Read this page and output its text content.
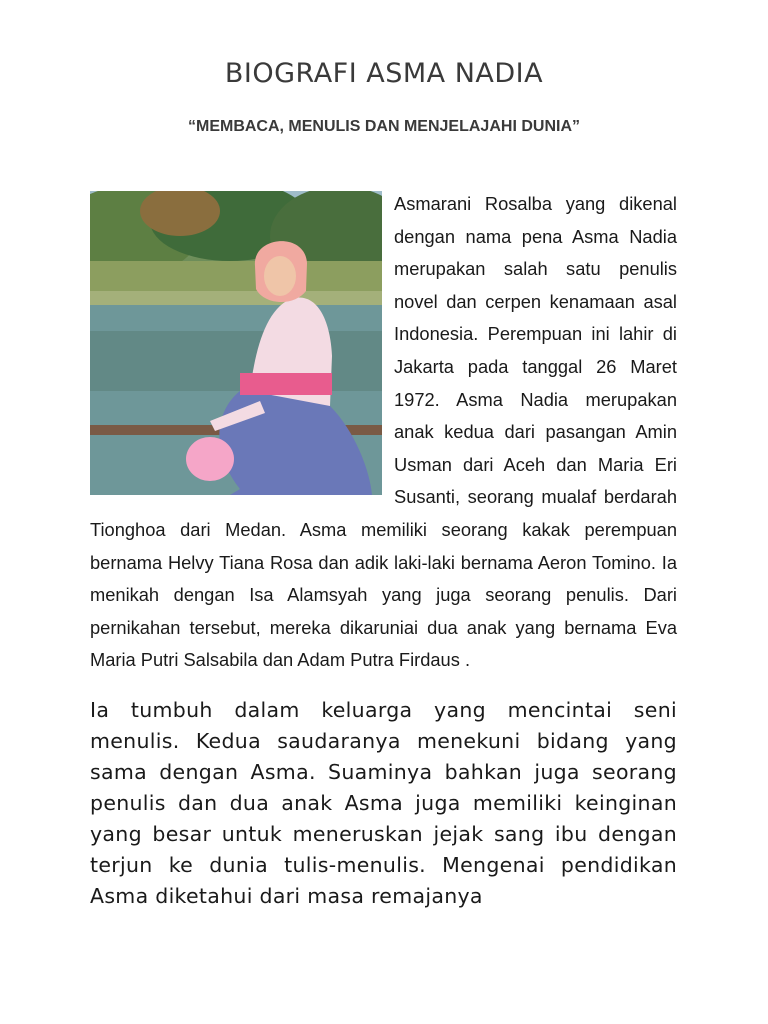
BIOGRAFI ASMA NADIA

“MEMBACA, MENULIS DAN MENJELAJAHI DUNIA”

Asmarani Rosalba yang dikenal dengan nama pena Asma Nadia merupakan salah satu penulis novel dan cerpen kenamaan asal Indonesia. Perempuan ini lahir di Jakarta pada tanggal 26 Maret 1972. Asma Nadia merupakan anak kedua dari pasangan Amin Usman dari Aceh dan Maria Eri Susanti, seorang mualaf berdarah Tionghoa dari Medan. Asma memiliki seorang kakak perempuan bernama Helvy Tiana Rosa dan adik laki-laki bernama Aeron Tomino. Ia menikah dengan Isa Alamsyah yang juga seorang penulis. Dari pernikahan tersebut, mereka dikaruniai dua anak yang bernama Eva Maria Putri Salsabila dan Adam Putra Firdaus .

Ia tumbuh dalam keluarga yang mencintai seni menulis. Kedua saudaranya menekuni bidang yang sama dengan Asma. Suaminya bahkan juga seorang penulis dan dua anak Asma juga memiliki keinginan yang besar untuk meneruskan jejak sang ibu dengan terjun ke dunia tulis-menulis. Mengenai pendidikan Asma diketahui dari masa remajanya
